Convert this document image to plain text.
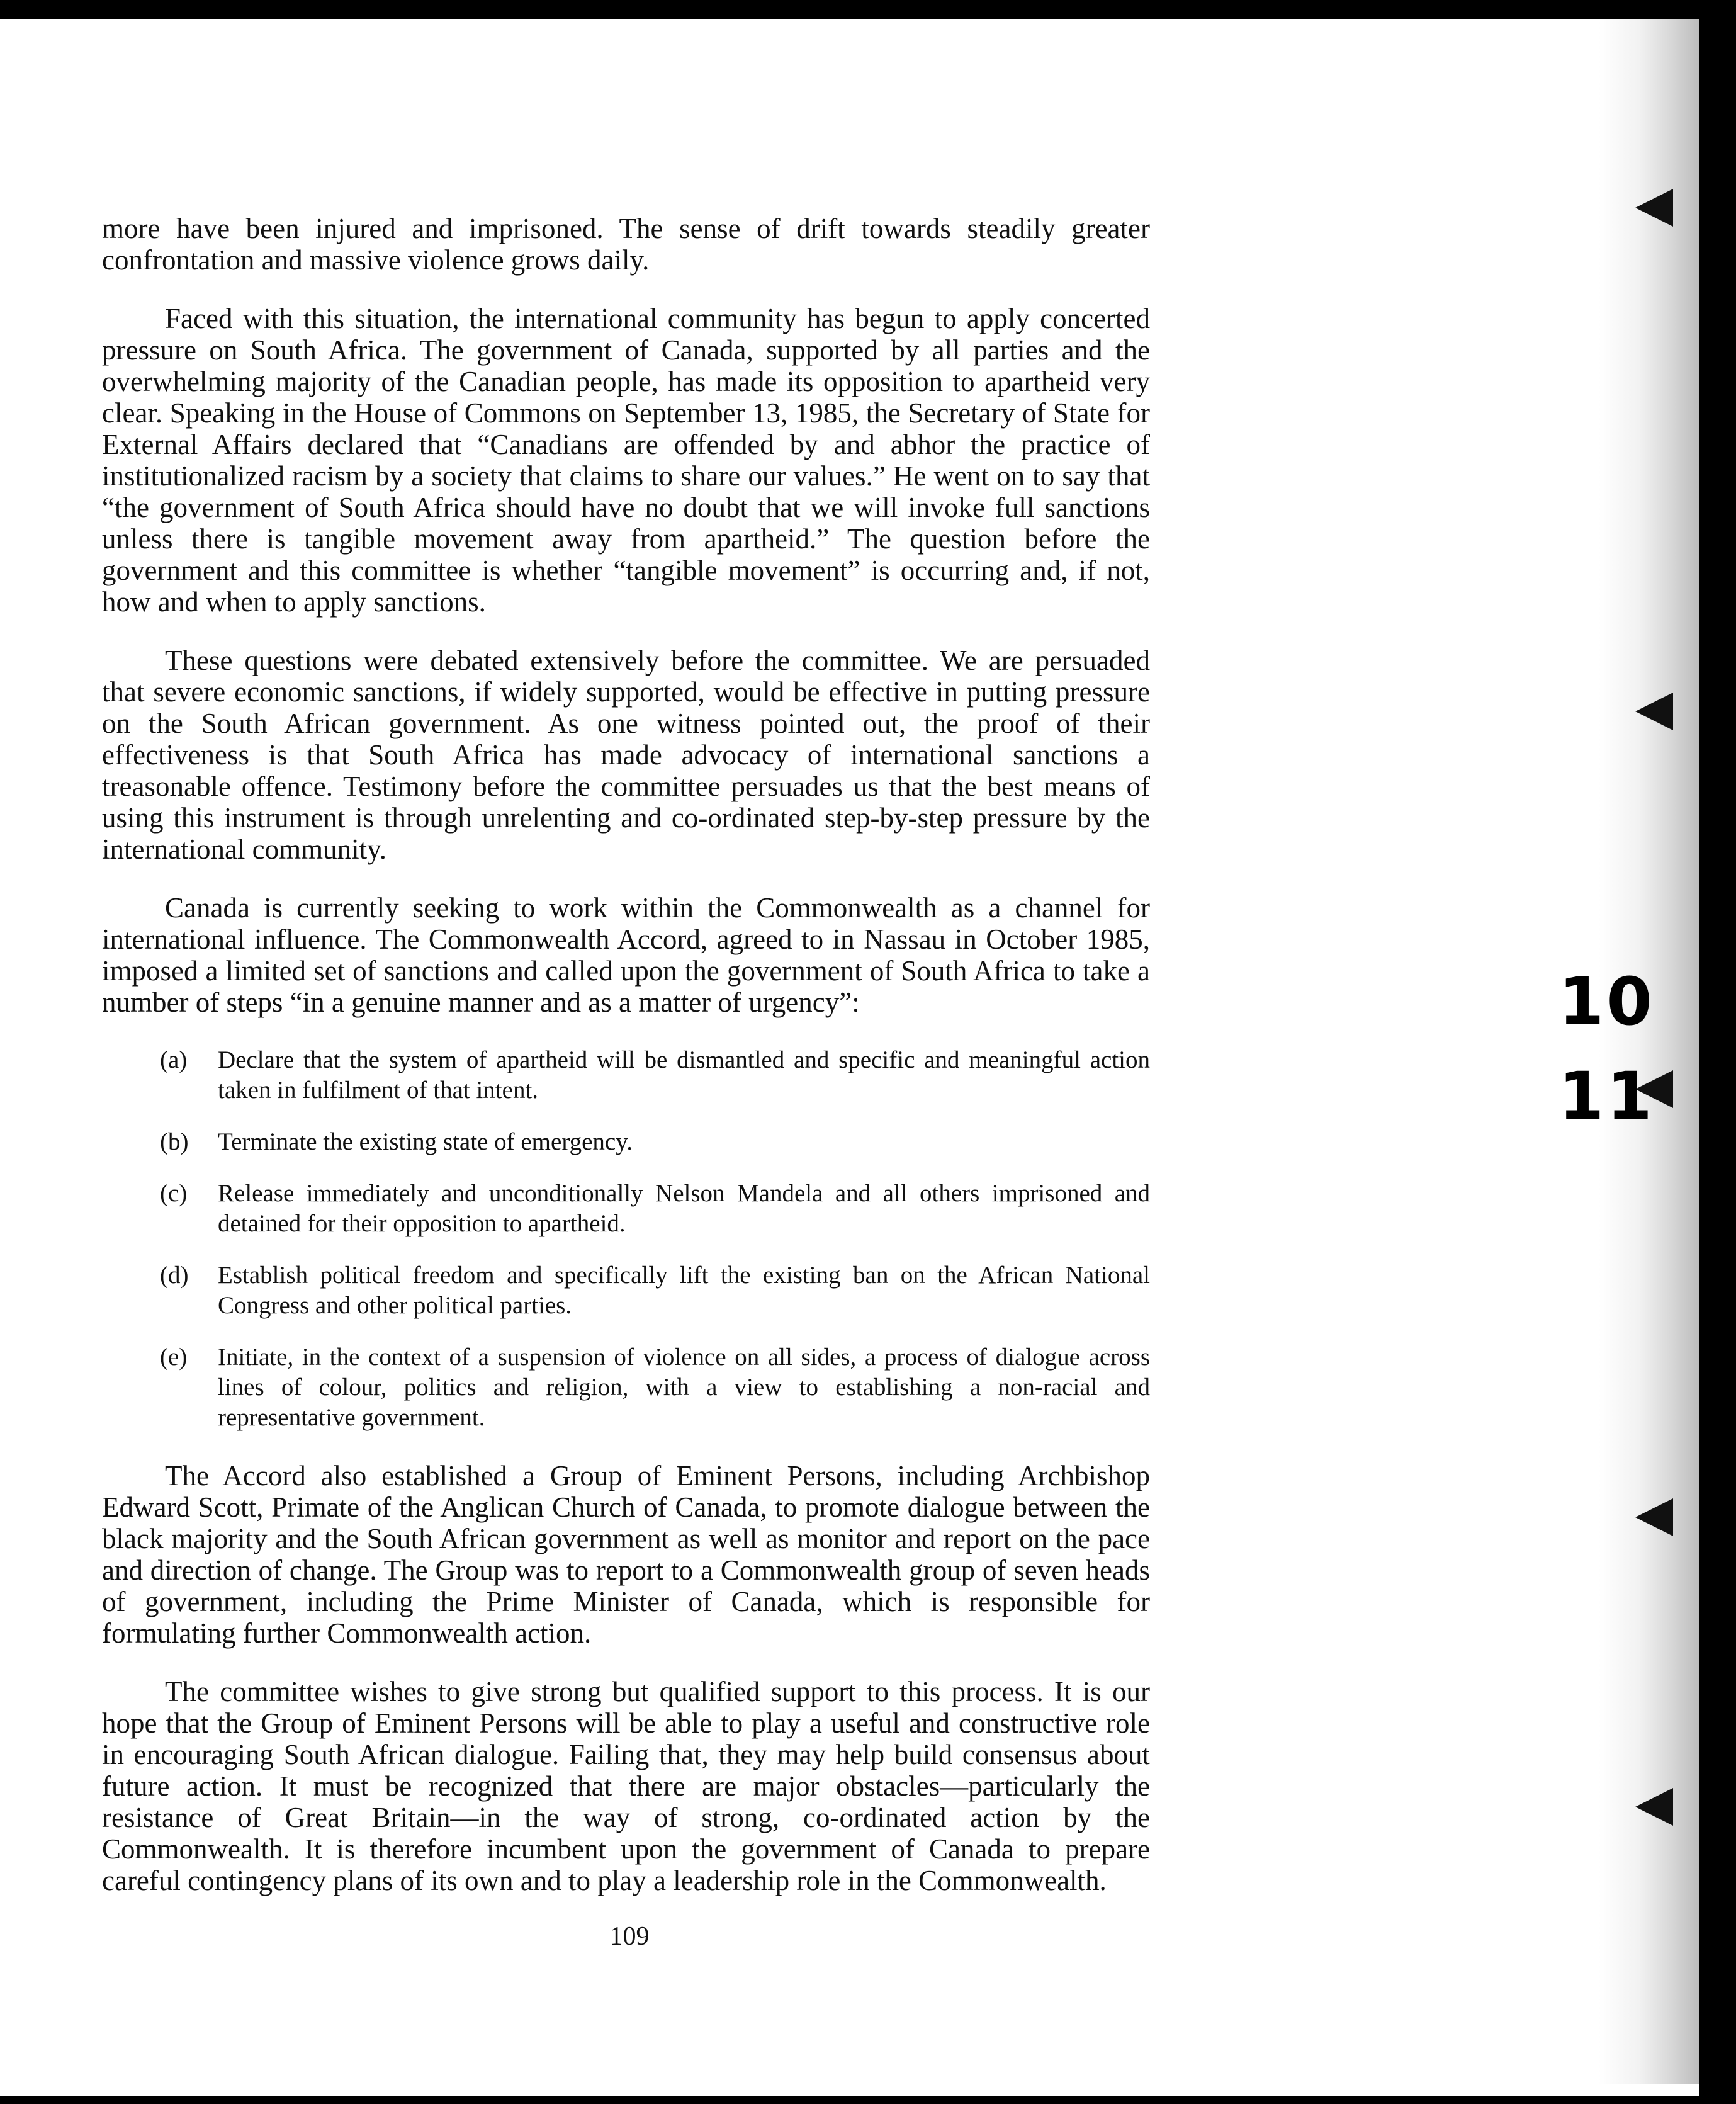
more have been injured and imprisoned. The sense of drift towards steadily greater confrontation and massive violence grows daily.

Faced with this situation, the international community has begun to apply concerted pressure on South Africa. The government of Canada, supported by all parties and the overwhelming majority of the Canadian people, has made its opposition to apartheid very clear. Speaking in the House of Commons on September 13, 1985, the Secretary of State for External Affairs declared that “Canadians are offended by and abhor the practice of institutionalized racism by a society that claims to share our values.” He went on to say that “the government of South Africa should have no doubt that we will invoke full sanctions unless there is tangible movement away from apartheid.” The question before the government and this committee is whether “tangible movement” is occurring and, if not, how and when to apply sanctions.

These questions were debated extensively before the committee. We are persuaded that severe economic sanctions, if widely supported, would be effective in putting pressure on the South African government. As one witness pointed out, the proof of their effectiveness is that South Africa has made advocacy of international sanctions a treasonable offence. Testimony before the committee persuades us that the best means of using this instrument is through unrelenting and co-ordinated step-by-step pressure by the international community.

Canada is currently seeking to work within the Commonwealth as a channel for international influence. The Commonwealth Accord, agreed to in Nassau in October 1985, imposed a limited set of sanctions and called upon the government of South Africa to take a number of steps “in a genuine manner and as a matter of urgency”:

(a)	Declare that the system of apartheid will be dismantled and specific and meaningful action taken in fulfilment of that intent.
(b)	Terminate the existing state of emergency.
(c)	Release immediately and unconditionally Nelson Mandela and all others imprisoned and detained for their opposition to apartheid.
(d)	Establish political freedom and specifically lift the existing ban on the African National Congress and other political parties.
(e)	Initiate, in the context of a suspension of violence on all sides, a process of dialogue across lines of colour, politics and religion, with a view to establishing a non-racial and representative government.

The Accord also established a Group of Eminent Persons, including Archbishop Edward Scott, Primate of the Anglican Church of Canada, to promote dialogue between the black majority and the South African government as well as monitor and report on the pace and direction of change. The Group was to report to a Commonwealth group of seven heads of government, including the Prime Minister of Canada, which is responsible for formulating further Commonwealth action.

The committee wishes to give strong but qualified support to this process. It is our hope that the Group of Eminent Persons will be able to play a useful and constructive role in encouraging South African dialogue. Failing that, they may help build consensus about future action. It must be recognized that there are major obstacles—particularly the resistance of Great Britain—in the way of strong, co-ordinated action by the Commonwealth. It is therefore incumbent upon the government of Canada to prepare careful contingency plans of its own and to play a leadership role in the Commonwealth.

109
10
11
